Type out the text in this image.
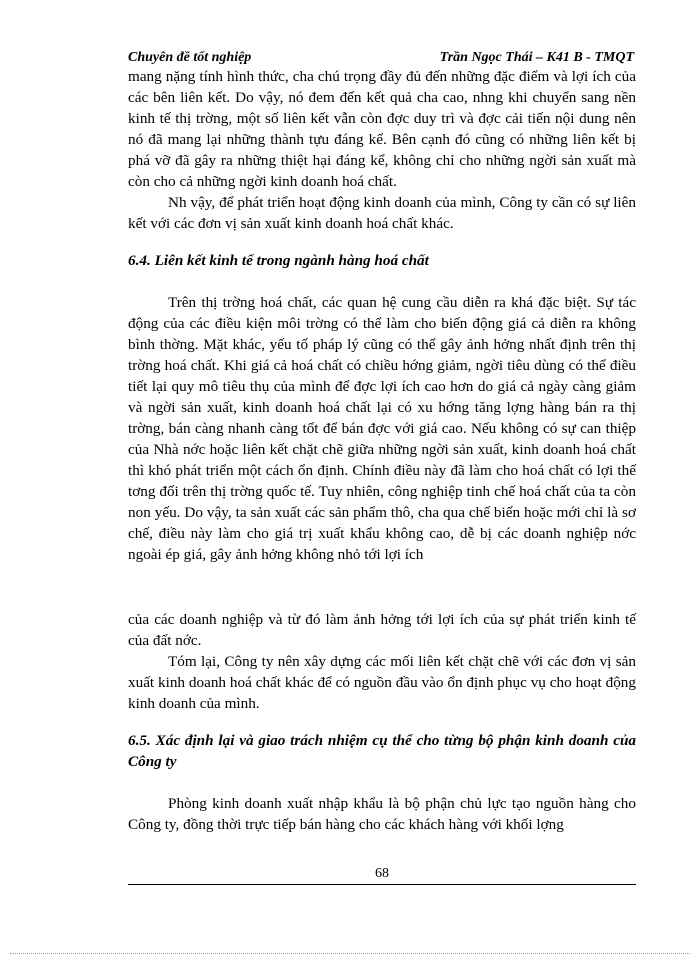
Chuyên đề tốt nghiệp	Trần Ngọc Thái – K41 B - TMQT

mang nặng tính hình thức, cha chú trọng đầy đủ đến những đặc điểm và lợi ích của các bên liên kết. Do vậy, nó đem đến kết quả cha cao, nhng khi chuyển sang nền kinh tế thị trờng, một số liên kết vẫn còn đợc duy trì và đợc cải tiến nội dung nên nó đã mang lại những thành tựu đáng kể. Bên cạnh đó cũng có những liên kết bị phá vỡ đã gây ra những thiệt hại đáng kể, không chỉ cho những ngời sản xuất mà còn cho cả những ngời kinh doanh hoá chất.

Nh vậy, để phát triển hoạt động kinh doanh của mình, Công ty cần có sự liên kết với các đơn vị sản xuất kinh doanh hoá chất khác.

6.4. Liên kết kinh tế trong ngành hàng hoá chất

Trên thị trờng hoá chất, các quan hệ cung cầu diễn ra khá đặc biệt. Sự tác động của các điều kiện môi trờng có thể làm cho biến động giá cả diễn ra không bình thờng. Mặt khác, yếu tố pháp lý cũng có thể gây ảnh hởng nhất định trên thị trờng hoá chất. Khi giá cả hoá chất có chiều hớng giảm, ngời tiêu dùng có thể điều tiết lại quy mô tiêu thụ của mình để đợc lợi ích cao hơn do giá cả ngày càng giảm và ngời sản xuất, kinh doanh hoá chất lại có xu hớng tăng lợng hàng bán ra thị trờng, bán càng nhanh càng tốt để bán đợc với giá cao. Nếu không có sự can thiệp của Nhà nớc hoặc liên kết chặt chẽ giữa những ngời sản xuất, kinh doanh hoá chất thì khó phát triển một cách ổn định. Chính điều này đã làm cho hoá chất có lợi thế tơng đối trên thị trờng quốc tế. Tuy nhiên, công nghiệp tinh chế hoá chất của ta còn non yếu. Do vậy, ta sản xuất các sản phẩm thô, cha qua chế biến hoặc mới chỉ là sơ chế, điều này làm cho giá trị xuất khẩu không cao, dễ bị các doanh nghiệp nớc ngoài ép giá, gây ảnh hởng không nhỏ tới lợi ích

của các doanh nghiệp và từ đó làm ảnh hởng tới lợi ích của sự phát triển kinh tế của đất nớc.

Tóm lại, Công ty nên xây dựng các mối liên kết chặt chẽ với các đơn vị sản xuất kinh doanh hoá chất khác để có nguồn đầu vào ổn định phục vụ cho hoạt động kinh doanh của mình.

6.5. Xác định lại và giao trách nhiệm cụ thể cho từng bộ phận kinh doanh của Công ty

Phòng kinh doanh xuất nhập khẩu là bộ phận chủ lực tạo nguồn hàng cho Công ty, đồng thời trực tiếp bán hàng cho các khách hàng với khối lợng

68
